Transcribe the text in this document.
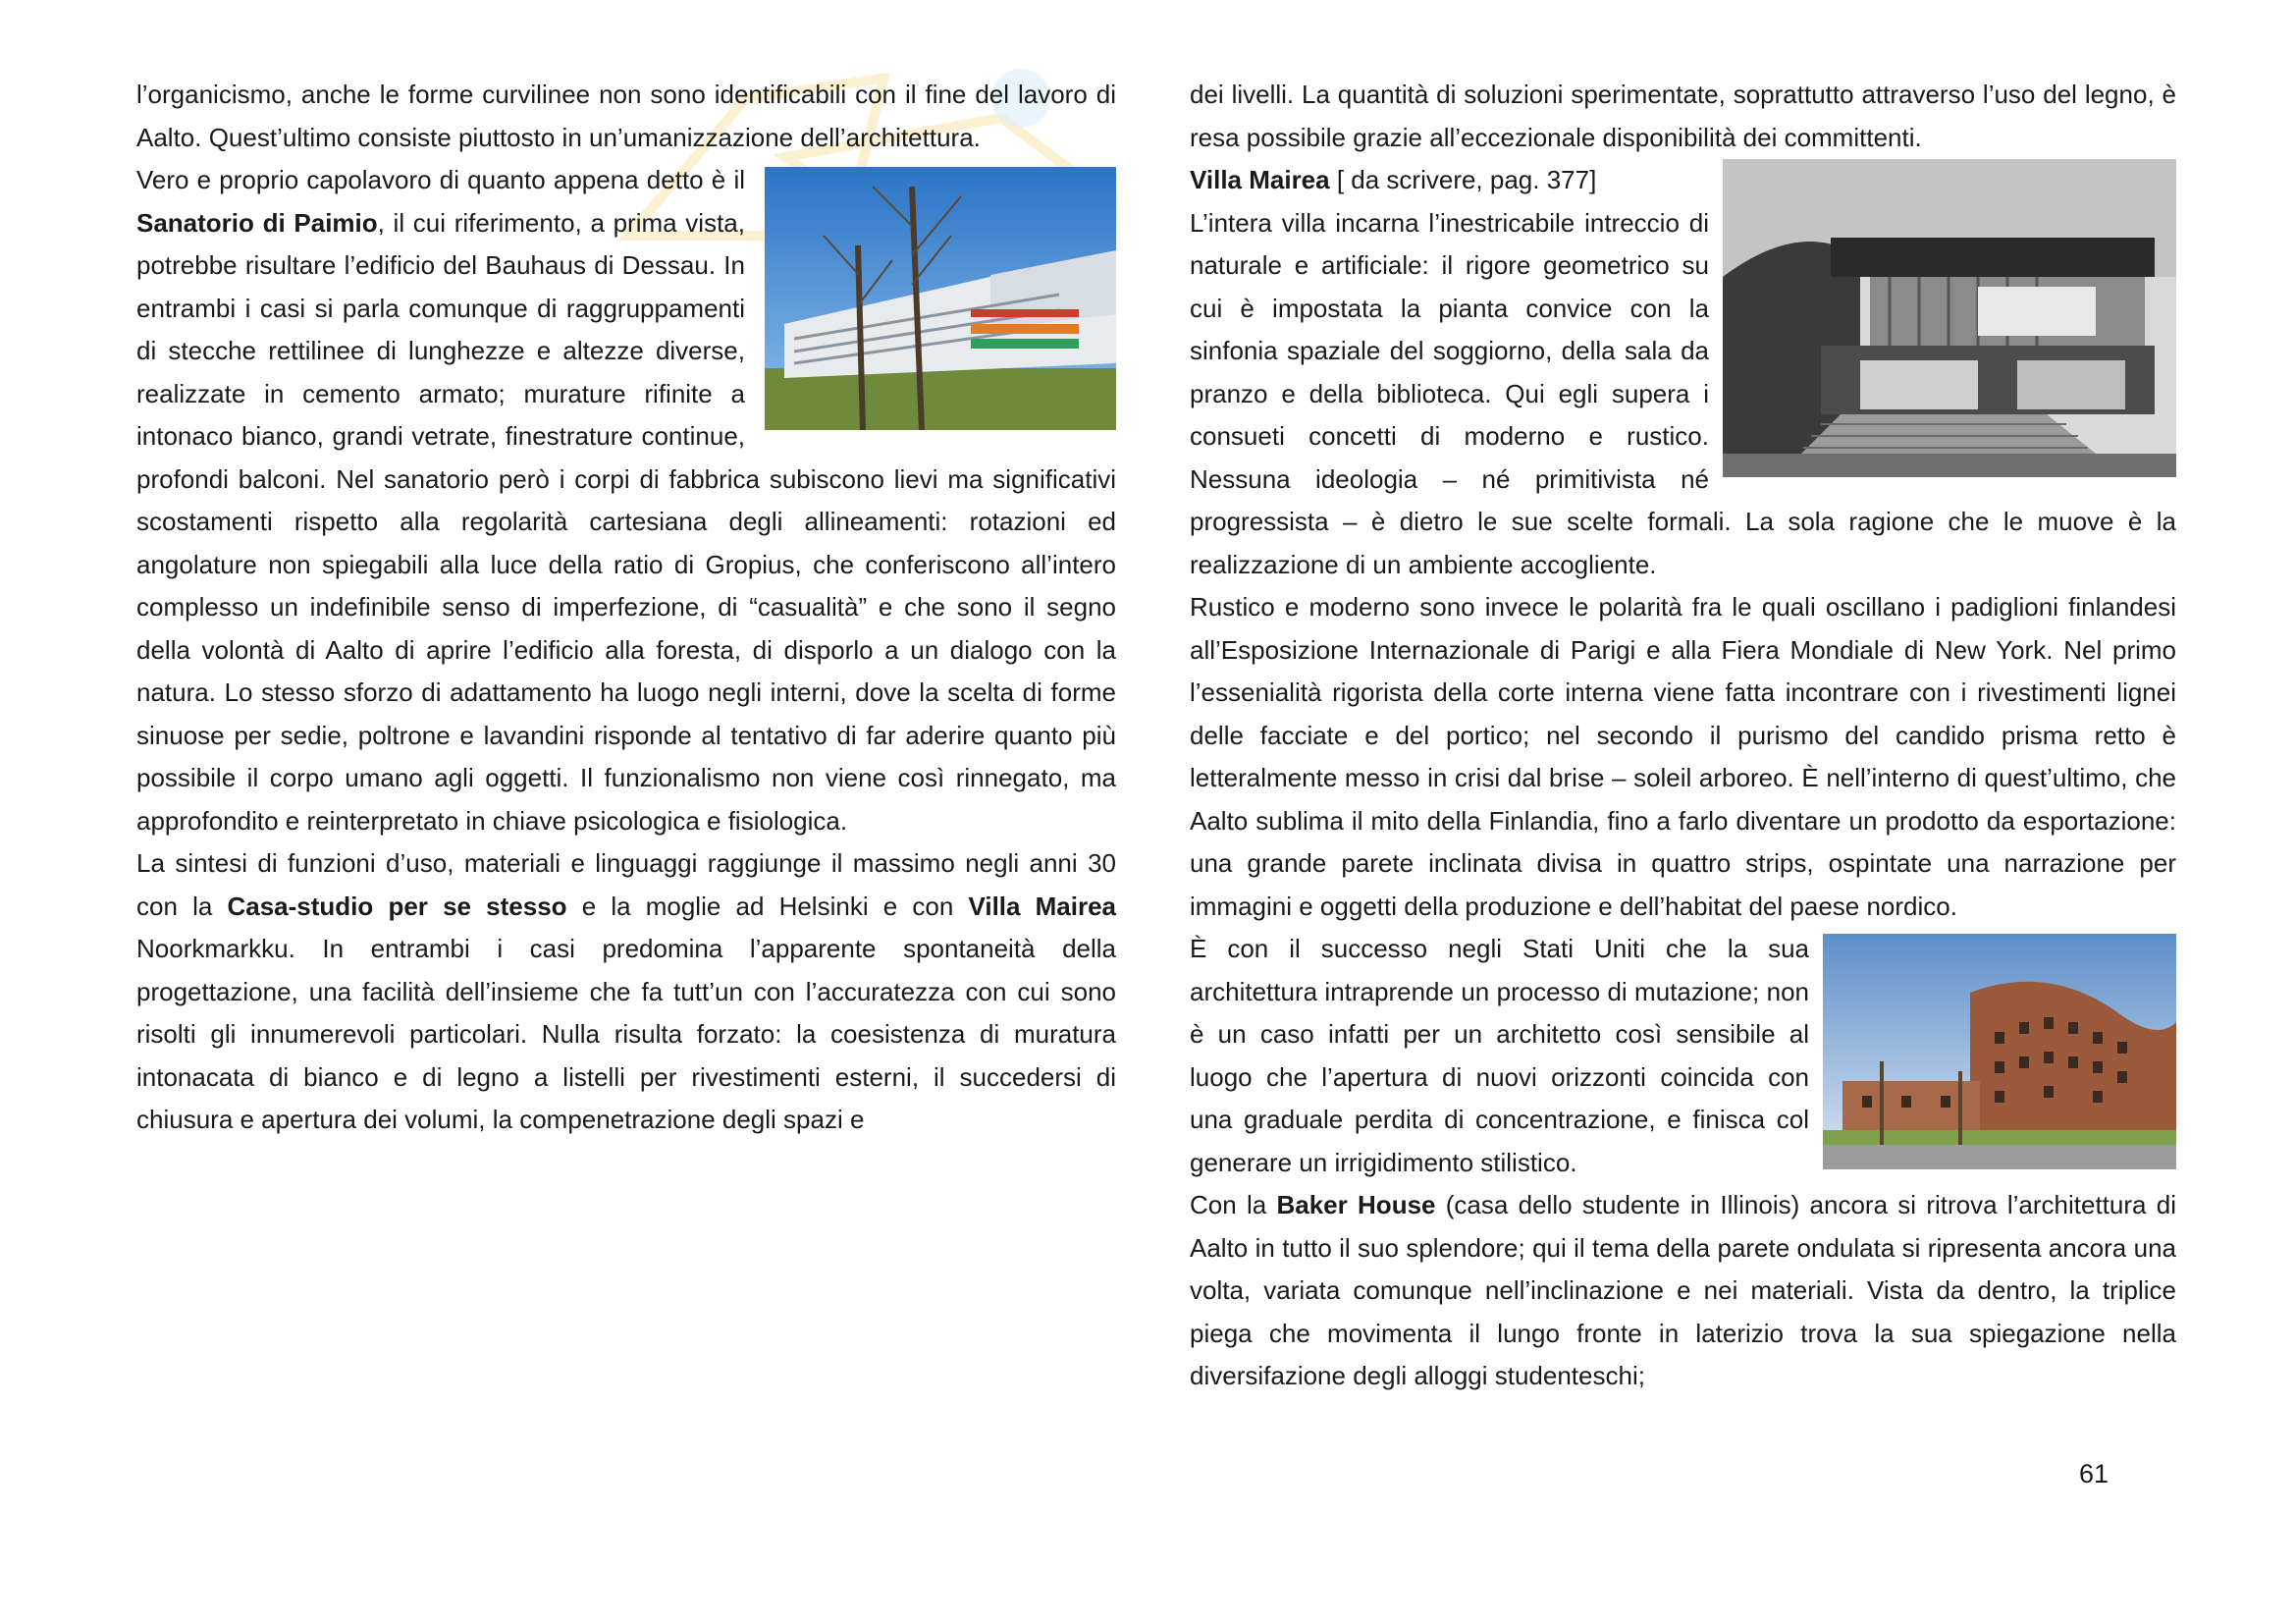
l’organicismo, anche le forme curvilinee non sono identificabili con il fine del lavoro di Aalto. Quest’ultimo consiste piuttosto in un’umanizzazione dell’architettura.

Vero e proprio capolavoro di quanto appena detto è il Sanatorio di Paimio, il cui riferimento, a prima vista, potrebbe risultare l’edificio del Bauhaus di Dessau. In entrambi i casi si parla comunque di raggruppamenti di stecche rettilinee di lunghezze e altezze diverse, realizzate in cemento armato; murature rifinite a intonaco bianco, grandi vetrate, finestrature continue, profondi balconi. Nel sanatorio però i corpi di fabbrica subiscono lievi ma significativi scostamenti rispetto alla regolarità cartesiana degli allineamenti: rotazioni ed angolature non spiegabili alla luce della ratio di Gropius, che conferiscono all’intero complesso un indefinibile senso di imperfezione, di “casualità” e che sono il segno della volontà di Aalto di aprire l’edificio alla foresta, di disporlo a un dialogo con la natura. Lo stesso sforzo di adattamento ha luogo negli interni, dove la scelta di forme sinuose per sedie, poltrone e lavandini risponde al tentativo di far aderire quanto più possibile il corpo umano agli oggetti. Il funzionalismo non viene così rinnegato, ma approfondito e reinterpretato in chiave psicologica e fisiologica.

La sintesi di funzioni d’uso, materiali e linguaggi raggiunge il massimo negli anni 30 con la Casa-studio per se stesso e la moglie ad Helsinki e con Villa Mairea Noorkmarkku. In entrambi i casi predomina l’apparente spontaneità della progettazione, una facilità dell’insieme che fa tutt’un con l’accuratezza con cui sono risolti gli innumerevoli particolari. Nulla risulta forzato: la coesistenza di muratura intonacata di bianco e di legno a listelli per rivestimenti esterni, il succedersi di chiusura e apertura dei volumi, la compenetrazione degli spazi e

dei livelli. La quantità di soluzioni sperimentate, soprattutto attraverso l’uso del legno, è resa possibile grazie all’eccezionale disponibilità dei committenti.

Villa Mairea [ da scrivere, pag. 377]

L’intera villa incarna l’inestricabile intreccio di naturale e artificiale: il rigore geometrico su cui è impostata la pianta convice con la sinfonia spaziale del soggiorno, della sala da pranzo e della biblioteca. Qui egli supera i consueti concetti di moderno e rustico. Nessuna ideologia – né primitivista né progressista – è dietro le sue scelte formali. La sola ragione che le muove è la realizzazione di un ambiente accogliente.

Rustico e moderno sono invece le polarità fra le quali oscillano i padiglioni finlandesi all’Esposizione Internazionale di Parigi e alla Fiera Mondiale di New York. Nel primo l’essenialità rigorista della corte interna viene fatta incontrare con i rivestimenti lignei delle facciate e del portico; nel secondo il purismo del candido prisma retto è letteralmente messo in crisi dal brise – soleil arboreo. È nell’interno di quest’ultimo, che Aalto sublima il mito della Finlandia, fino a farlo diventare un prodotto da esportazione: una grande parete inclinata divisa in quattro strips, ospintate una narrazione per immagini e oggetti della produzione e dell’habitat del paese nordico.

È con il successo negli Stati Uniti che la sua architettura intraprende un processo di mutazione; non è un caso infatti per un architetto così sensibile al luogo che l’apertura di nuovi orizzonti coincida con una graduale perdita di concentrazione, e finisca col generare un irrigidimento stilistico.

Con la Baker House (casa dello studente in Illinois) ancora si ritrova l’architettura di Aalto in tutto il suo splendore; qui il tema della parete ondulata si ripresenta ancora una volta, variata comunque nell’inclinazione e nei materiali. Vista da dentro, la triplice piega che movimenta il lungo fronte in laterizio trova la sua spiegazione nella diversifazione degli alloggi studenteschi;

61
